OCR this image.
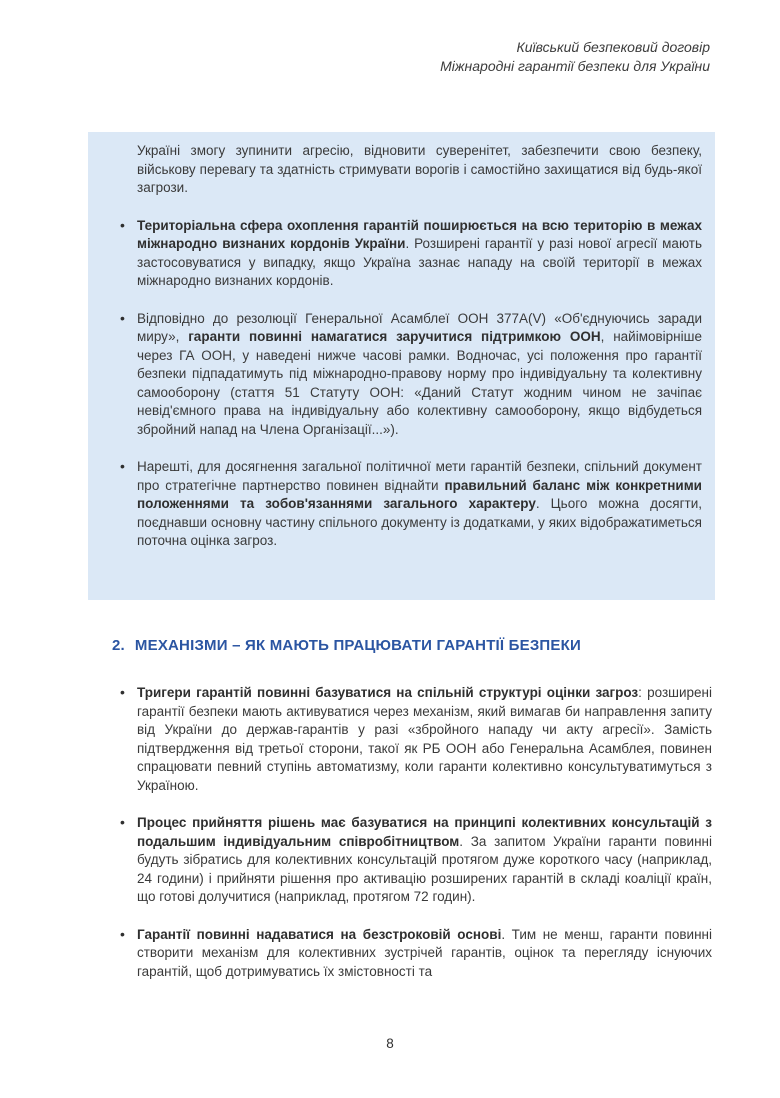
Київський безпековий договір
Міжнародні гарантії безпеки для України

Україні змогу зупинити агресію, відновити суверенітет, забезпечити свою безпеку, військову перевагу та здатність стримувати ворогів і самостійно захищатися від будь-якої загрози.

• Територіальна сфера охоплення гарантій поширюється на всю територію в межах міжнародно визнаних кордонів України. Розширені гарантії у разі нової агресії мають застосовуватися у випадку, якщо Україна зазнає нападу на своїй території в межах міжнародно визнаних кордонів.
• Відповідно до резолюції Генеральної Асамблеї ООН 377A(V) «Об'єднуючись заради миру», гаранти повинні намагатися заручитися підтримкою ООН, найімовірніше через ГА ООН, у наведені нижче часові рамки. Водночас, усі положення про гарантії безпеки підпадатимуть під міжнародно-правову норму про індивідуальну та колективну самооборону (стаття 51 Статуту ООН: «Даний Статут жодним чином не зачіпає невід'ємного права на індивідуальну або колективну самооборону, якщо відбудеться збройний напад на Члена Організації...»).
• Нарешті, для досягнення загальної політичної мети гарантій безпеки, спільний документ про стратегічне партнерство повинен віднайти правильний баланс між конкретними положеннями та зобов'язаннями загального характеру. Цього можна досягти, поєднавши основну частину спільного документу із додатками, у яких відображатиметься поточна оцінка загроз.
2. МЕХАНІЗМИ – ЯК МАЮТЬ ПРАЦЮВАТИ ГАРАНТІЇ БЕЗПЕКИ
• Тригери гарантій повинні базуватися на спільній структурі оцінки загроз: розширені гарантії безпеки мають активуватися через механізм, який вимагав би направлення запиту від України до держав-гарантів у разі «збройного нападу чи акту агресії». Замість підтвердження від третьої сторони, такої як РБ ООН або Генеральна Асамблея, повинен спрацювати певний ступінь автоматизму, коли гаранти колективно консультуватимуться з Україною.
• Процес прийняття рішень має базуватися на принципі колективних консультацій з подальшим індивідуальним співробітництвом. За запитом України гаранти повинні будуть зібратись для колективних консультацій протягом дуже короткого часу (наприклад, 24 години) і прийняти рішення про активацію розширених гарантій в складі коаліції країн, що готові долучитися (наприклад, протягом 72 годин).
• Гарантії повинні надаватися на безстроковій основі. Тим не менш, гаранти повинні створити механізм для колективних зустрічей гарантів, оцінок та перегляду існуючих гарантій, щоб дотримуватись їх змістовності та
8
